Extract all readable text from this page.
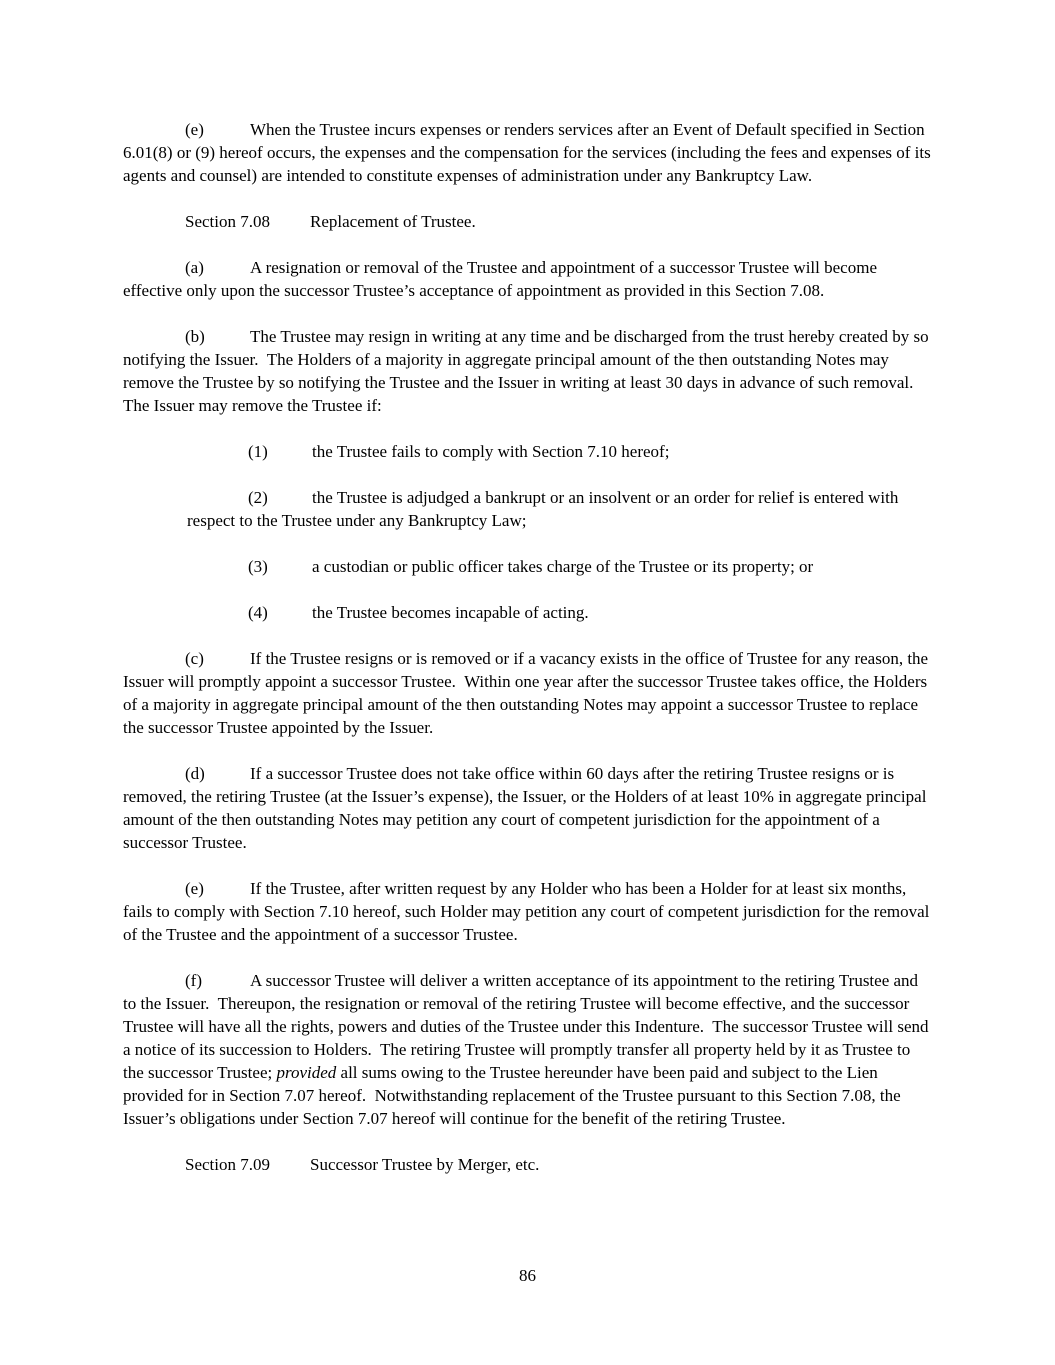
(e)	When the Trustee incurs expenses or renders services after an Event of Default specified in Section 6.01(8) or (9) hereof occurs, the expenses and the compensation for the services (including the fees and expenses of its agents and counsel) are intended to constitute expenses of administration under any Bankruptcy Law.

Section 7.08 Replacement of Trustee.

(a)	A resignation or removal of the Trustee and appointment of a successor Trustee will become effective only upon the successor Trustee’s acceptance of appointment as provided in this Section 7.08.

(b)	The Trustee may resign in writing at any time and be discharged from the trust hereby created by so notifying the Issuer.  The Holders of a majority in aggregate principal amount of the then outstanding Notes may remove the Trustee by so notifying the Trustee and the Issuer in writing at least 30 days in advance of such removal.  The Issuer may remove the Trustee if:

(1)	the Trustee fails to comply with Section 7.10 hereof;

(2)	the Trustee is adjudged a bankrupt or an insolvent or an order for relief is entered with respect to the Trustee under any Bankruptcy Law;

(3)	a custodian or public officer takes charge of the Trustee or its property; or

(4)	the Trustee becomes incapable of acting.

(c)	If the Trustee resigns or is removed or if a vacancy exists in the office of Trustee for any reason, the Issuer will promptly appoint a successor Trustee.  Within one year after the successor Trustee takes office, the Holders of a majority in aggregate principal amount of the then outstanding Notes may appoint a successor Trustee to replace the successor Trustee appointed by the Issuer.

(d)	If a successor Trustee does not take office within 60 days after the retiring Trustee resigns or is removed, the retiring Trustee (at the Issuer’s expense), the Issuer, or the Holders of at least 10% in aggregate principal amount of the then outstanding Notes may petition any court of competent jurisdiction for the appointment of a successor Trustee.

(e)	If the Trustee, after written request by any Holder who has been a Holder for at least six months, fails to comply with Section 7.10 hereof, such Holder may petition any court of competent jurisdiction for the removal of the Trustee and the appointment of a successor Trustee.

(f)	A successor Trustee will deliver a written acceptance of its appointment to the retiring Trustee and to the Issuer.  Thereupon, the resignation or removal of the retiring Trustee will become effective, and the successor Trustee will have all the rights, powers and duties of the Trustee under this Indenture.  The successor Trustee will send a notice of its succession to Holders.  The retiring Trustee will promptly transfer all property held by it as Trustee to the successor Trustee; provided all sums owing to the Trustee hereunder have been paid and subject to the Lien provided for in Section 7.07 hereof.  Notwithstanding replacement of the Trustee pursuant to this Section 7.08, the Issuer’s obligations under Section 7.07 hereof will continue for the benefit of the retiring Trustee.

Section 7.09 Successor Trustee by Merger, etc.

86
